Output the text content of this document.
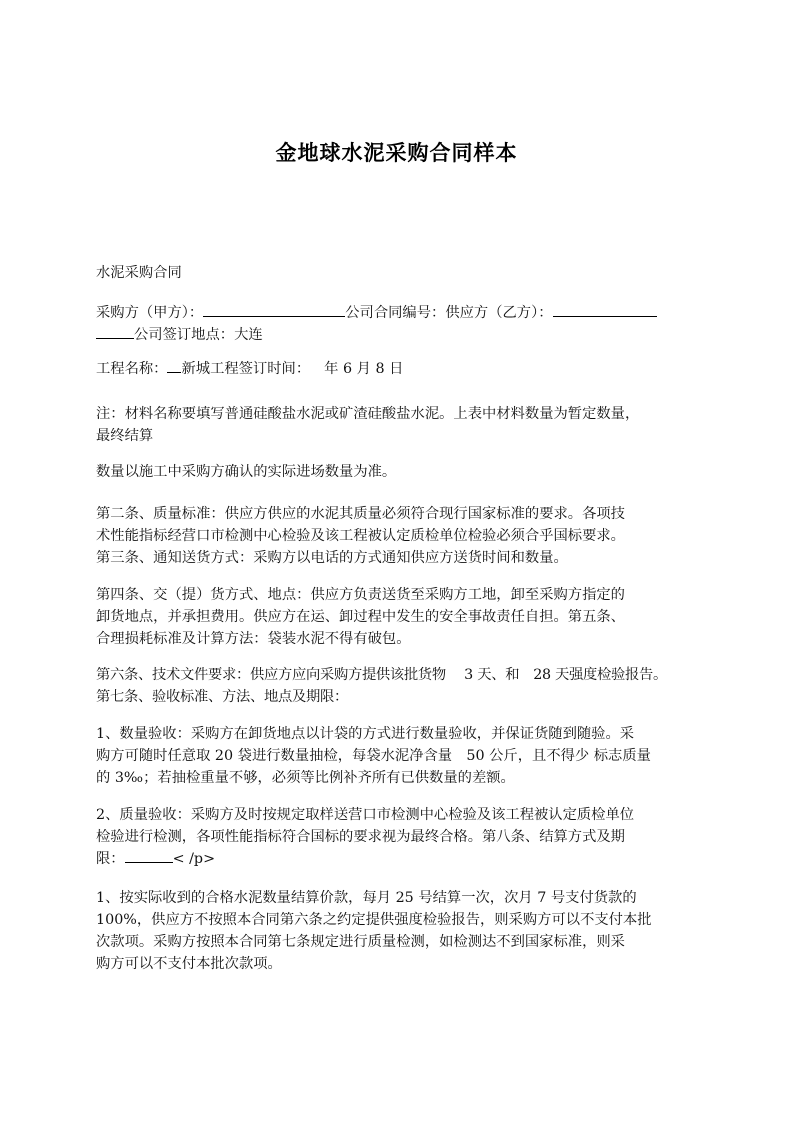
金地球水泥采购合同样本
水泥采购合同
采购方（甲方）：	公司合同编号：供应方（乙方）：
公司签订地点：大连
工程名称： 新城工程签订时间： 年 6 月 8 日
注：材料名称要填写普通硅酸盐水泥或矿渣硅酸盐水泥。上表中材料数量为暂定数量，
最终结算
数量以施工中采购方确认的实际进场数量为准。
第二条、质量标准：供应方供应的水泥其质量必须符合现行国家标准的要求。各项技
术性能指标经营口市检测中心检验及该工程被认定质检单位检验必须合乎国标要求。
第三条、通知送货方式：采购方以电话的方式通知供应方送货时间和数量。
第四条、交（提）货方式、地点：供应方负责送货至采购方工地，卸至采购方指定的
卸货地点，并承担费用。供应方在运、卸过程中发生的安全事故责任自担。第五条、
合理损耗标准及计算方法：袋装水泥不得有破包。
第六条、技术文件要求：供应方应向采购方提供该批货物　 3 天、和　28 天强度检验报告。
第七条、验收标准、方法、地点及期限：
1、数量验收：采购方在卸货地点以计袋的方式进行数量验收，并保证货随到随验。采
购方可随时任意取 20 袋进行数量抽检，每袋水泥净含量　50 公斤，且不得少 标志质量
的 3‰；若抽检重量不够，必须等比例补齐所有已供数量的差额。
2、质量验收：采购方及时按规定取样送营口市检测中心检验及该工程被认定质检单位
检验进行检测，各项性能指标符合国标的要求视为最终合格。第八条、结算方式及期
限：	< /p>
1、按实际收到的合格水泥数量结算价款，每月 25 号结算一次，次月 7 号支付货款的
100%，供应方不按照本合同第六条之约定提供强度检验报告，则采购方可以不支付本批
次款项。采购方按照本合同第七条规定进行质量检测，如检测达不到国家标准，则采
购方可以不支付本批次款项。
